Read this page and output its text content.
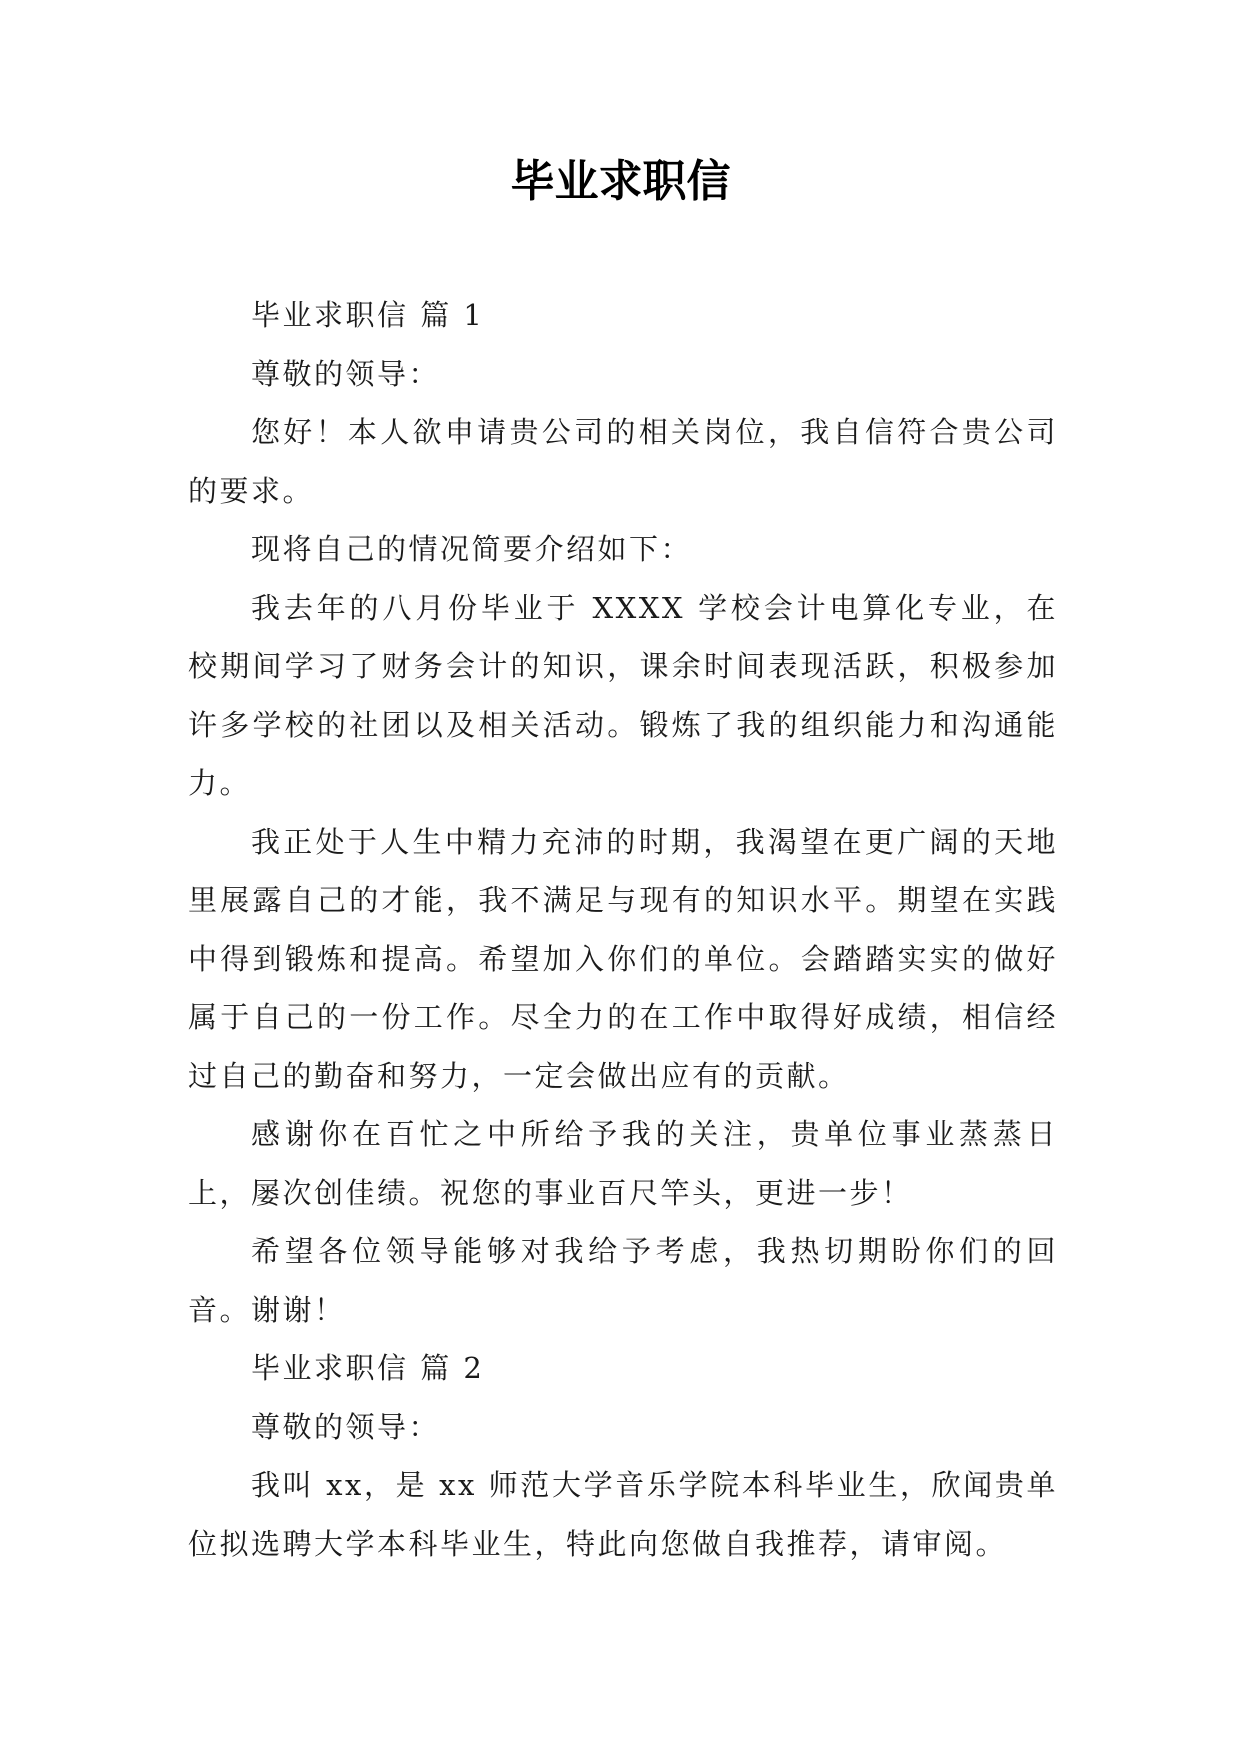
毕业求职信

毕业求职信 篇 1

尊敬的领导：

您好！本人欲申请贵公司的相关岗位，我自信符合贵公司的要求。

现将自己的情况简要介绍如下：

我去年的八月份毕业于 XXXX 学校会计电算化专业，在校期间学习了财务会计的知识，课余时间表现活跃，积极参加许多学校的社团以及相关活动。锻炼了我的组织能力和沟通能力。

我正处于人生中精力充沛的时期，我渴望在更广阔的天地里展露自己的才能，我不满足与现有的知识水平。期望在实践中得到锻炼和提高。希望加入你们的单位。会踏踏实实的做好属于自己的一份工作。尽全力的在工作中取得好成绩，相信经过自己的勤奋和努力，一定会做出应有的贡献。

感谢你在百忙之中所给予我的关注，贵单位事业蒸蒸日上，屡次创佳绩。祝您的事业百尺竿头，更进一步！

希望各位领导能够对我给予考虑，我热切期盼你们的回音。谢谢！

毕业求职信 篇 2

尊敬的领导：

我叫 xx，是 xx 师范大学音乐学院本科毕业生，欣闻贵单位拟选聘大学本科毕业生，特此向您做自我推荐，请审阅。
